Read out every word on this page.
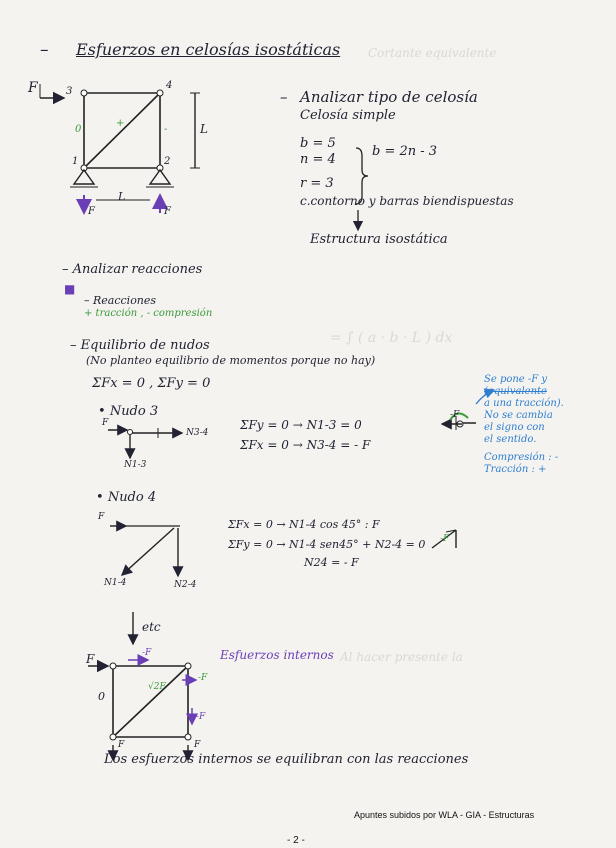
Cortante equivalente
= ∫ ( a · b · L ) dx
Al hacer presente la
– Esfuerzos en celosías isostáticas
F	3
4
1	2
0
+
-
L
L
F	F
– Analizar tipo de celosía
Celosía simple
b = 5
n = 4
b = 2n - 3
r = 3
c.contorno y barras biendispuestas
Estructura isostática
– Analizar reacciones
■
– Reacciones
+ tracción , - compresión
– Equilibrio de nudos
(No planteo equilibrio de momentos porque no hay)
ΣFx = 0 , ΣFy = 0
• Nudo 3
F
N3-4
N1-3
ΣFy = 0 → N1-3 = 0
ΣFx = 0 → N3-4 = - F
• Nudo 4
F
N1-4	N2-4
ΣFx = 0 → N1-4 cos 45° : F
ΣFy = 0 → N1-4 sen45° + N2-4 = 0
N24 = - F
-F
-F
Se pone -F y
(equivalente
a una tracción).
No se cambia
el signo con
el sentido.
Compresión : -
Tracción : +
etc
Esfuerzos internos
F	-F
-F
0
√2F
-F
F	F
Los esfuerzos internos se equilibran con las reacciones
Apuntes subidos por WLA - GIA - Estructuras
- 2 -
